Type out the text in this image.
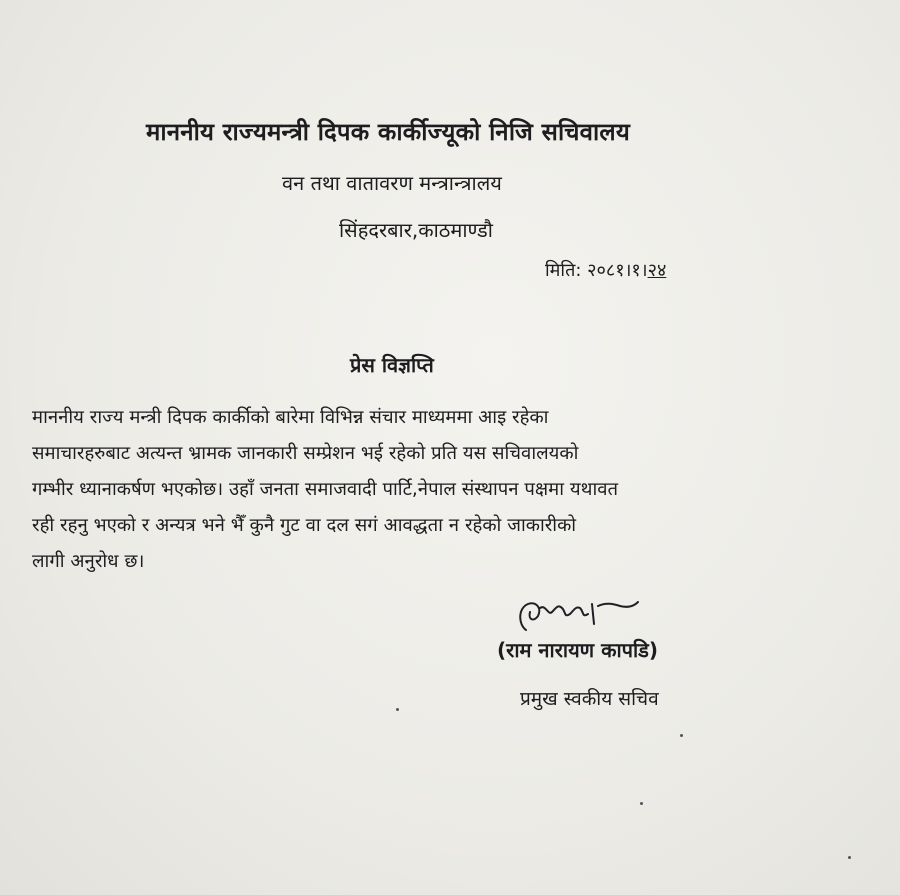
माननीय राज्यमन्त्री दिपक कार्कीज्यूको निजि सचिवालय
वन तथा वातावरण मन्त्रान्त्रालय
सिंहदरबार,काठमाण्डौ
मिति: २०८१।१।२४
प्रेस विज्ञप्ति
माननीय राज्य मन्त्री दिपक कार्कीको बारेमा विभिन्न संचार माध्यममा आइ रहेका
समाचारहरुबाट अत्यन्त भ्रामक जानकारी सम्प्रेशन भई रहेको प्रति यस सचिवालयको
गम्भीर ध्यानाकर्षण भएकोछ। उहाँ जनता समाजवादी पार्टि,नेपाल संस्थापन पक्षमा यथावत
रही रहनु भएको र अन्यत्र भने भैँ कुनै गुट वा दल सगं आवद्धता न रहेको जाकारीको
लागी अनुरोध छ।
(राम नारायण कापडि)
प्रमुख स्वकीय सचिव
